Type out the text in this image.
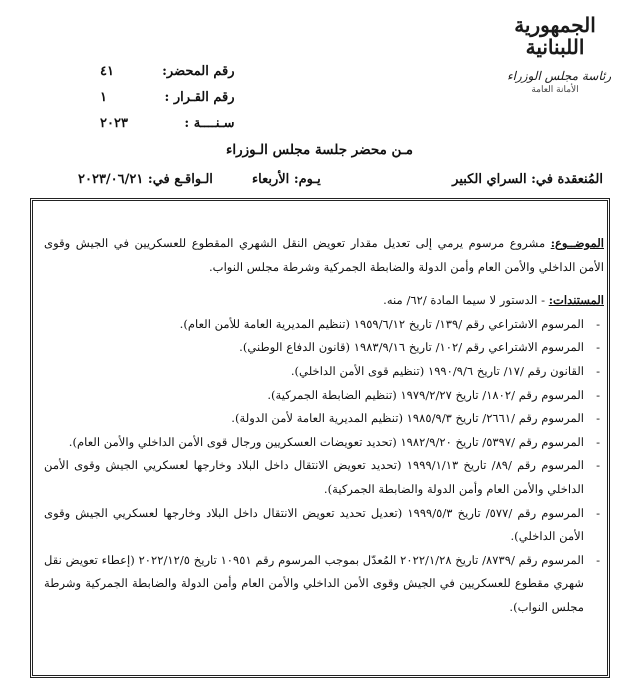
الجمهورية
اللبنانية
رئاسة مجلس الوزراء
الأمانة العامة
رقم المحضر: ٤١
رقم القـرار : ١
سـنــــة : ٢٠٢٣
مـن محضر جلسة مجلس الـوزراء
المُنعقدة في: السراي الكبير
يـوم: الأربعاء
الـواقـع في: ٢٠٢٣/٠٦/٢١

الموضــوع: مشروع مرسوم يرمي إلى تعديل مقدار تعويض النقل الشهري المقطوع للعسكريين في الجيش وقوى الأمن الداخلي والأمن العام وأمن الدولة والضابطة الجمركية وشرطة مجلس النواب.

المستندات: - الدستور لا سيما المادة /٦٢/ منه.

-
المرسوم الاشتراعي رقم /١٣٩/ تاريخ ١٩٥٩/٦/١٢ (تنظيم المديرية العامة للأمن العام).

-
المرسوم الاشتراعي رقم /١٠٢/ تاريخ ١٩٨٣/٩/١٦ (قانون الدفاع الوطني).

-
القانون رقم /١٧/ تاريخ ١٩٩٠/٩/٦ (تنظيم قوى الأمن الداخلي).

-
المرسوم رقم /١٨٠٢/ تاريخ ١٩٧٩/٢/٢٧ (تنظيم الضابطة الجمركية).

-
المرسوم رقم /٢٦٦١/ تاريخ ١٩٨٥/٩/٣ (تنظيم المديرية العامة لأمن الدولة).

-
المرسوم رقم /٥٣٩٧/ تاريخ ١٩٨٢/٩/٢٠ (تحديد تعويضات العسكريين ورجال قوى الأمن الداخلي والأمن العام).

-
المرسوم رقم /٨٩/ تاريخ ١٩٩٩/١/١٣ (تحديد تعويض الانتقال داخل البلاد وخارجها لعسكريي الجيش وقوى الأمن الداخلي والأمن العام وأمن الدولة والضابطة الجمركية).

-
المرسوم رقم /٥٧٧/ تاريخ ١٩٩٩/٥/٣ (تعديل تحديد تعويض الانتقال داخل البلاد وخارجها لعسكريي الجيش وقوى الأمن الداخلي).

-
المرسوم رقم /٨٧٣٩/ تاريخ ٢٠٢٢/١/٢٨ المُعدّل بموجب المرسوم رقم ١٠٩٥١ تاريخ ٢٠٢٢/١٢/٥ (إعطاء تعويض نقل شهري مقطوع للعسكريين في الجيش وقوى الأمن الداخلي والأمن العام وأمن الدولة والضابطة الجمركية وشرطة مجلس النواب).
